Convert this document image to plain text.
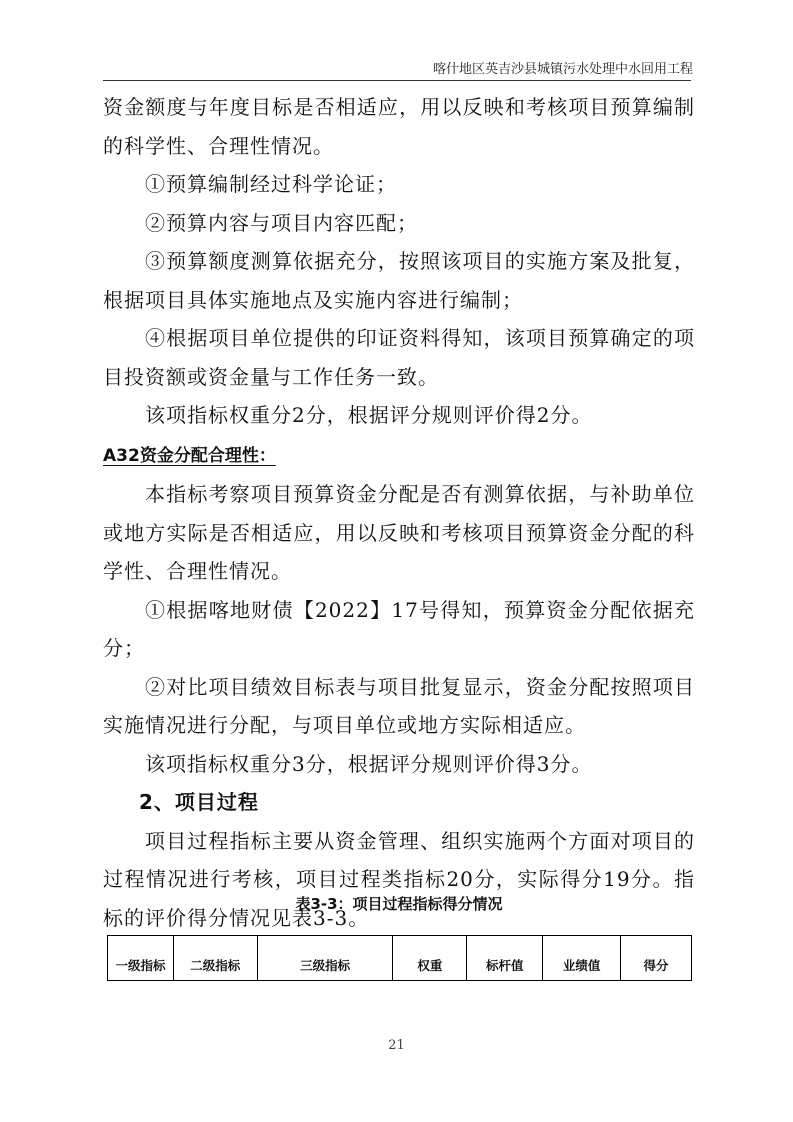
喀什地区英吉沙县城镇污水处理中水回用工程

资金额度与年度目标是否相适应，用以反映和考核项目预算编制的科学性、合理性情况。

①预算编制经过科学论证；

②预算内容与项目内容匹配；

③预算额度测算依据充分，按照该项目的实施方案及批复，根据项目具体实施地点及实施内容进行编制；

④根据项目单位提供的印证资料得知，该项目预算确定的项目投资额或资金量与工作任务一致。

该项指标权重分2分，根据评分规则评价得2分。

A32资金分配合理性：

本指标考察项目预算资金分配是否有测算依据，与补助单位或地方实际是否相适应，用以反映和考核项目预算资金分配的科学性、合理性情况。

①根据喀地财债【2022】17号得知，预算资金分配依据充分；

②对比项目绩效目标表与项目批复显示，资金分配按照项目实施情况进行分配，与项目单位或地方实际相适应。

该项指标权重分3分，根据评分规则评价得3分。

2、项目过程

项目过程指标主要从资金管理、组织实施两个方面对项目的过程情况进行考核，项目过程类指标20分，实际得分19分。指标的评价得分情况见表3-3。

表3-3：项目过程指标得分情况
一级指标	二级指标	三级指标	权重	标杆值	业绩值	得分
21
